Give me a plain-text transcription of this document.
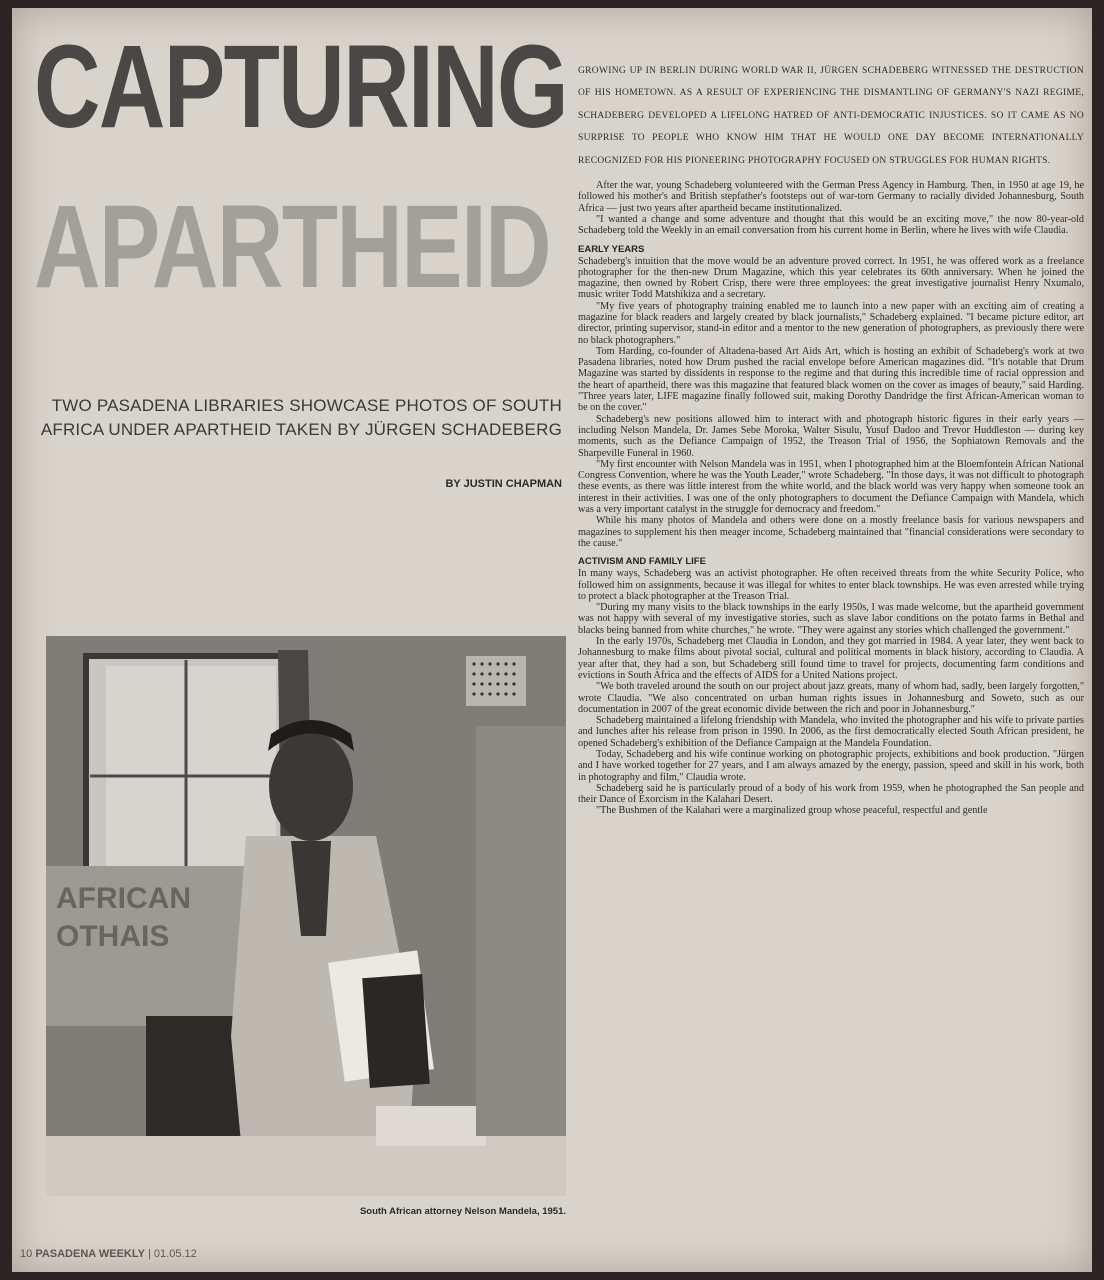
CAPTURING
APARTHEID
TWO PASADENA LIBRARIES SHOWCASE PHOTOS OF SOUTH AFRICA UNDER APARTHEID TAKEN BY JÜRGEN SCHADEBERG
BY JUSTIN CHAPMAN
AFRICAN
OTHAIS
South African attorney Nelson Mandela, 1951.
10 PASADENA WEEKLY | 01.05.12

GROWING UP IN BERLIN DURING WORLD WAR II, JÜRGEN SCHADEBERG WITNESSED THE DESTRUCTION OF HIS HOMETOWN. AS A RESULT OF EXPERIENCING THE DISMANTLING OF GERMANY'S NAZI REGIME, SCHADEBERG DEVELOPED A LIFELONG HATRED OF ANTI-DEMOCRATIC INJUSTICES. SO IT CAME AS NO SURPRISE TO PEOPLE WHO KNOW HIM THAT HE WOULD ONE DAY BECOME INTERNATIONALLY RECOGNIZED FOR HIS PIONEERING PHOTOGRAPHY FOCUSED ON STRUGGLES FOR HUMAN RIGHTS.

After the war, young Schadeberg volunteered with the German Press Agency in Hamburg. Then, in 1950 at age 19, he followed his mother's and British stepfather's footsteps out of war-torn Germany to racially divided Johannesburg, South Africa — just two years after apartheid became institutionalized.

"I wanted a change and some adventure and thought that this would be an exciting move," the now 80-year-old Schadeberg told the Weekly in an email conversation from his current home in Berlin, where he lives with wife Claudia.

EARLY YEARS

Schadeberg's intuition that the move would be an adventure proved correct. In 1951, he was offered work as a freelance photographer for the then-new Drum Magazine, which this year celebrates its 60th anniversary. When he joined the magazine, then owned by Robert Crisp, there were three employees: the great investigative journalist Henry Nxumalo, music writer Todd Matshikiza and a secretary.

"My five years of photography training enabled me to launch into a new paper with an exciting aim of creating a magazine for black readers and largely created by black journalists," Schadeberg explained. "I became picture editor, art director, printing supervisor, stand-in editor and a mentor to the new generation of photographers, as previously there were no black photographers."

Tom Harding, co-founder of Altadena-based Art Aids Art, which is hosting an exhibit of Schadeberg's work at two Pasadena libraries, noted how Drum pushed the racial envelope before American magazines did. "It's notable that Drum Magazine was started by dissidents in response to the regime and that during this incredible time of racial oppression and the heart of apartheid, there was this magazine that featured black women on the cover as images of beauty," said Harding. "Three years later, LIFE magazine finally followed suit, making Dorothy Dandridge the first African-American woman to be on the cover."

Schadeberg's new positions allowed him to interact with and photograph historic figures in their early years — including Nelson Mandela, Dr. James Sebe Moroka, Walter Sisulu, Yusuf Dadoo and Trevor Huddleston — during key moments, such as the Defiance Campaign of 1952, the Treason Trial of 1956, the Sophiatown Removals and the Sharpeville Funeral in 1960.

"My first encounter with Nelson Mandela was in 1951, when I photographed him at the Bloemfontein African National Congress Convention, where he was the Youth Leader," wrote Schadeberg. "In those days, it was not difficult to photograph these events, as there was little interest from the white world, and the black world was very happy when someone took an interest in their activities. I was one of the only photographers to document the Defiance Campaign with Mandela, which was a very important catalyst in the struggle for democracy and freedom."

While his many photos of Mandela and others were done on a mostly freelance basis for various newspapers and magazines to supplement his then meager income, Schadeberg maintained that "financial considerations were secondary to the cause."

ACTIVISM AND FAMILY LIFE

In many ways, Schadeberg was an activist photographer. He often received threats from the white Security Police, who followed him on assignments, because it was illegal for whites to enter black townships. He was even arrested while trying to protect a black photographer at the Treason Trial.

"During my many visits to the black townships in the early 1950s, I was made welcome, but the apartheid government was not happy with several of my investigative stories, such as slave labor conditions on the potato farms in Bethal and blacks being banned from white churches," he wrote. "They were against any stories which challenged the government."

In the early 1970s, Schadeberg met Claudia in London, and they got married in 1984. A year later, they went back to Johannesburg to make films about pivotal social, cultural and political moments in black history, according to Claudia. A year after that, they had a son, but Schadeberg still found time to travel for projects, documenting farm conditions and evictions in South Africa and the effects of AIDS for a United Nations project.

"We both traveled around the south on our project about jazz greats, many of whom had, sadly, been largely forgotten," wrote Claudia. "We also concentrated on urban human rights issues in Johannesburg and Soweto, such as our documentation in 2007 of the great economic divide between the rich and poor in Johannesburg."

Schadeberg maintained a lifelong friendship with Mandela, who invited the photographer and his wife to private parties and lunches after his release from prison in 1990. In 2006, as the first democratically elected South African president, he opened Schadeberg's exhibition of the Defiance Campaign at the Mandela Foundation.

Today, Schadeberg and his wife continue working on photographic projects, exhibitions and book production. "Jürgen and I have worked together for 27 years, and I am always amazed by the energy, passion, speed and skill in his work, both in photography and film," Claudia wrote.

Schadeberg said he is particularly proud of a body of his work from 1959, when he photographed the San people and their Dance of Exorcism in the Kalahari Desert.

"The Bushmen of the Kalahari were a marginalized group whose peaceful, respectful and gentle
